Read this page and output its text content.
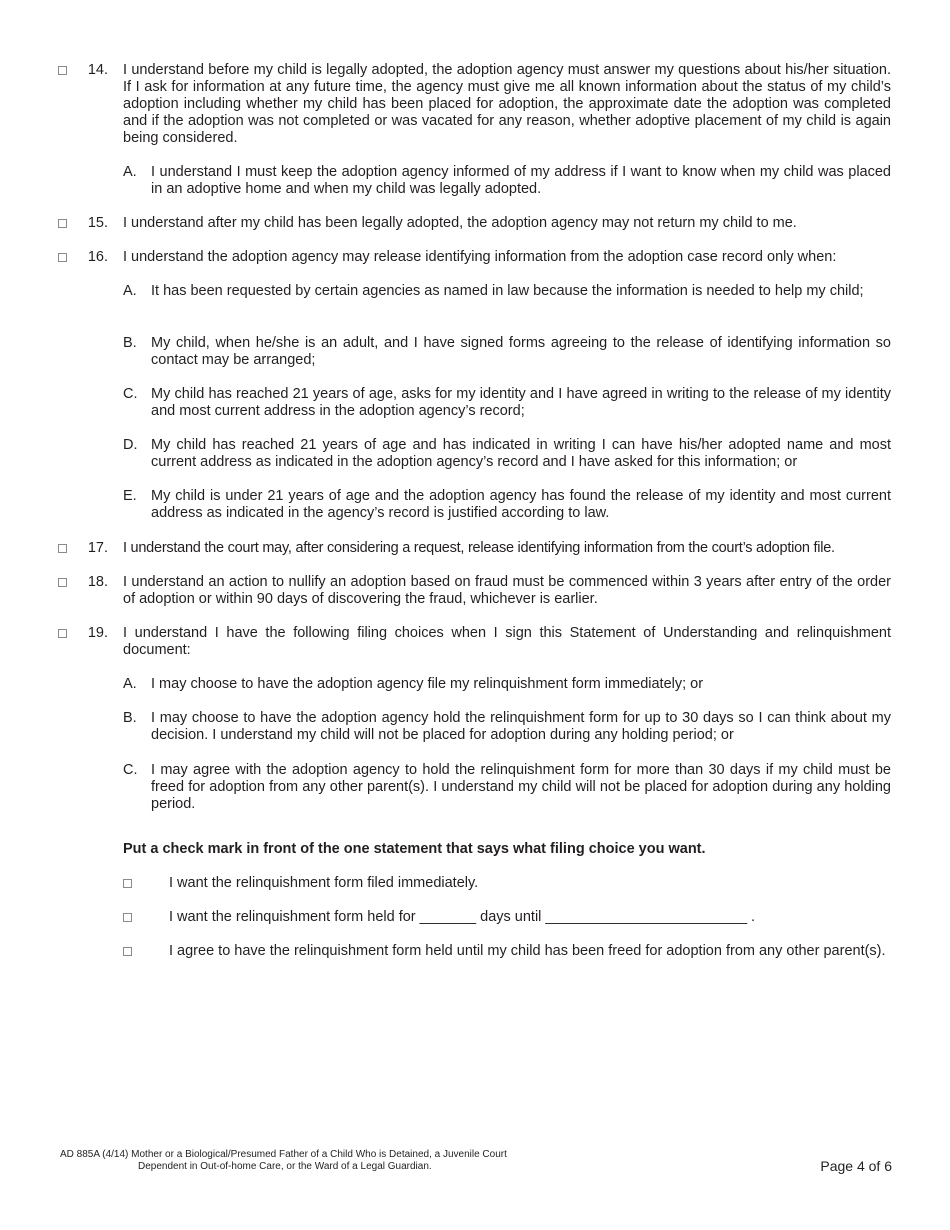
14. I understand before my child is legally adopted, the adoption agency must answer my questions about his/her situation. If I ask for information at any future time, the agency must give me all known information about the status of my child’s adoption including whether my child has been placed for adoption, the approximate date the adoption was completed and if the adoption was not completed or was vacated for any reason, whether adoptive placement of my child is again being considered.
A. I understand I must keep the adoption agency informed of my address if I want to know when my child was placed in an adoptive home and when my child was legally adopted.
15. I understand after my child has been legally adopted, the adoption agency may not return my child to me.
16. I understand the adoption agency may release identifying information from the adoption case record only when:
A. It has been requested by certain agencies as named in law because the information is needed to help my child;
B. My child, when he/she is an adult, and I have signed forms agreeing to the release of identifying information so contact may be arranged;
C. My child has reached 21 years of age, asks for my identity and I have agreed in writing to the release of my identity and most current address in the adoption agency’s record;
D. My child has reached 21 years of age and has indicated in writing I can have his/her adopted name and most current address as indicated in the adoption agency’s record and I have asked for this information; or
E. My child is under 21 years of age and the adoption agency has found the release of my identity and most current address as indicated in the agency’s record is justified according to law.
17. I understand the court may, after considering a request, release identifying information from the court’s adoption file.
18. I understand an action to nullify an adoption based on fraud must be commenced within 3 years after entry of the order of adoption or within 90 days of discovering the fraud, whichever is earlier.
19. I understand I have the following filing choices when I sign this Statement of Understanding and relinquishment document:
A. I may choose to have the adoption agency file my relinquishment form immediately; or
B. I may choose to have the adoption agency hold the relinquishment form for up to 30 days so I can think about my decision. I understand my child will not be placed for adoption during any holding period; or
C. I may agree with the adoption agency to hold the relinquishment form for more than 30 days if my child must be freed for adoption from any other parent(s). I understand my child will not be placed for adoption during any holding period.
Put a check mark in front of the one statement that says what filing choice you want.
I want the relinquishment form filed immediately.
I want the relinquishment form held for _______ days until _________________________ .
I agree to have the relinquishment form held until my child has been freed for adoption from any other parent(s).
AD 885A (4/14) Mother or a Biological/Presumed Father of a Child Who is Detained, a Juvenile Court
Dependent in Out-of-home Care, or the Ward of a Legal Guardian.	Page 4 of 6
